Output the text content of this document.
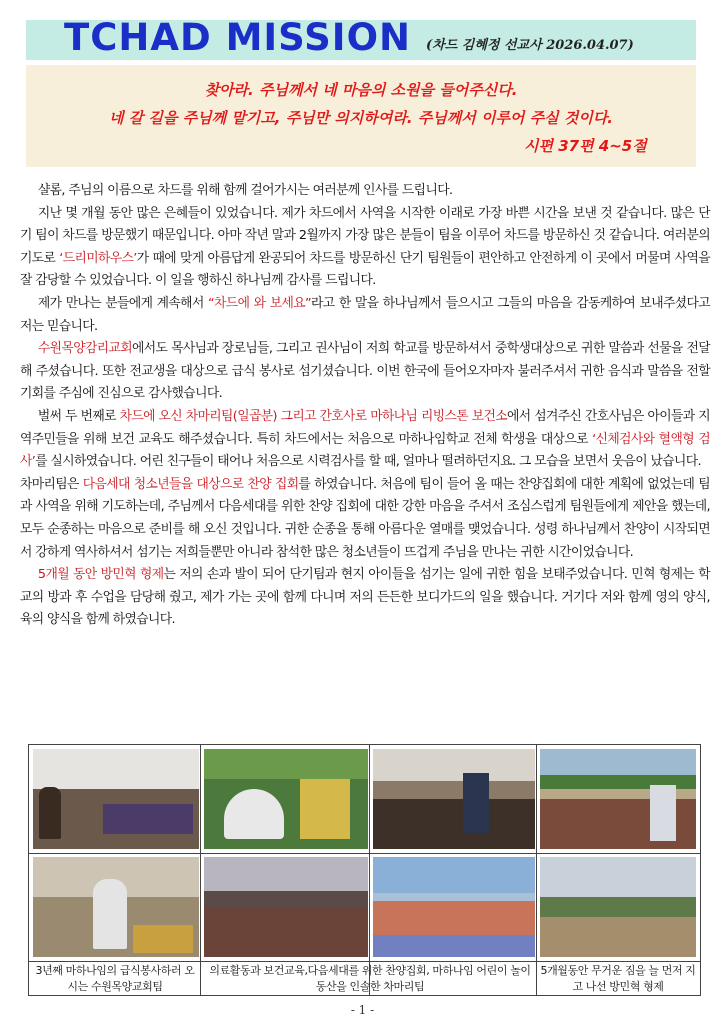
TCHAD MISSION (차드 김혜정 선교사 2026.04.07)
찾아라. 주님께서 네 마음의 소원을 들어주신다.
네 갈 길을 주님께 맡기고, 주님만 의지하여라. 주님께서 이루어 주실 것이다.
시편 37편 4~5절

샬롬, 주님의 이름으로 차드를 위해 함께 걸어가시는 여러분께 인사를 드립니다.

지난 몇 개월 동안 많은 은혜들이 있었습니다. 제가 차드에서 사역을 시작한 이래로 가장 바쁜 시간을 보낸 것 같습니다. 많은 단기 팀이 차드를 방문했기 때문입니다. 아마 작년 말과 2월까지 가장 많은 분들이 팀을 이루어 차드를 방문하신 것 같습니다. 여러분의 기도로 ‘드리미하우스’가 때에 맞게 아름답게 완공되어 차드를 방문하신 단기 팀원들이 편안하고 안전하게 이 곳에서 머물며 사역을 잘 감당할 수 있었습니다. 이 일을 행하신 하나님께 감사를 드립니다.

제가 만나는 분들에게 계속해서 “차드에 와 보세요”라고 한 말을 하나님께서 들으시고 그들의 마음을 감동케하여 보내주셨다고 저는 믿습니다.

수원목양감리교회에서도 목사님과 장로님들, 그리고 권사님이 저희 학교를 방문하셔서 중학생대상으로 귀한 말씀과 선물을 전달해 주셨습니다. 또한 전교생을 대상으로 급식 봉사로 섬기셨습니다. 이번 한국에 들어오자마자 불러주셔서 귀한 음식과 말씀을 전할 기회를 주심에 진심으로 감사했습니다.

벌써 두 번째로 차드에 오신 차마리팀(일곱분) 그리고 간호사로 마하나님 리빙스톤 보건소에서 섬겨주신 간호사님은 아이들과 지역주민들을 위해 보건 교육도 해주셨습니다. 특히 차드에서는 처음으로 마하나임학교 전체 학생을 대상으로 ‘신체검사와 혈액형 검사’를 실시하였습니다. 어린 친구들이 태어나 처음으로 시력검사를 할 때, 얼마나 떨려하던지요. 그 모습을 보면서 웃음이 났습니다.

차마리팀은 다음세대 청소년들을 대상으로 찬양 집회를 하였습니다. 처음에 팀이 들어 올 때는 찬양집회에 대한 계획에 없었는데 팀과 사역을 위해 기도하는데, 주님께서 다음세대를 위한 찬양 집회에 대한 강한 마음을 주셔서 조심스럽게 팀원들에게 제안을 했는데, 모두 순종하는 마음으로 준비를 해 오신 것입니다. 귀한 순종을 통해 아름다운 열매를 맺었습니다. 성령 하나님께서 찬양이 시작되면서 강하게 역사하셔서 섬기는 저희들뿐만 아니라 참석한 많은 청소년들이 뜨겁게 주님을 만나는 귀한 시간이었습니다.

5개월 동안 방민혁 형제는 저의 손과 발이 되어 단기팀과 현지 아이들을 섬기는 일에 귀한 힘을 보태주었습니다. 민혁 형제는 학교의 방과 후 수업을 담당해 줬고, 제가 가는 곳에 함께 다니며 저의 든든한 보디가드의 일을 했습니다. 거기다 저와 함께 영의 양식, 육의 양식을 함께 하였습니다.

3년째 마하나임의 급식봉사하러 오시는 수원목양교회팀
의료활동과 보건교육,다음세대를 위한 찬양집회, 마하나임 어린이 놀이동산을 인솔한 차마리팀
5개월동안 무거운 짐을 늘 먼저 지고 나선 방민혁 형제
- 1 -
